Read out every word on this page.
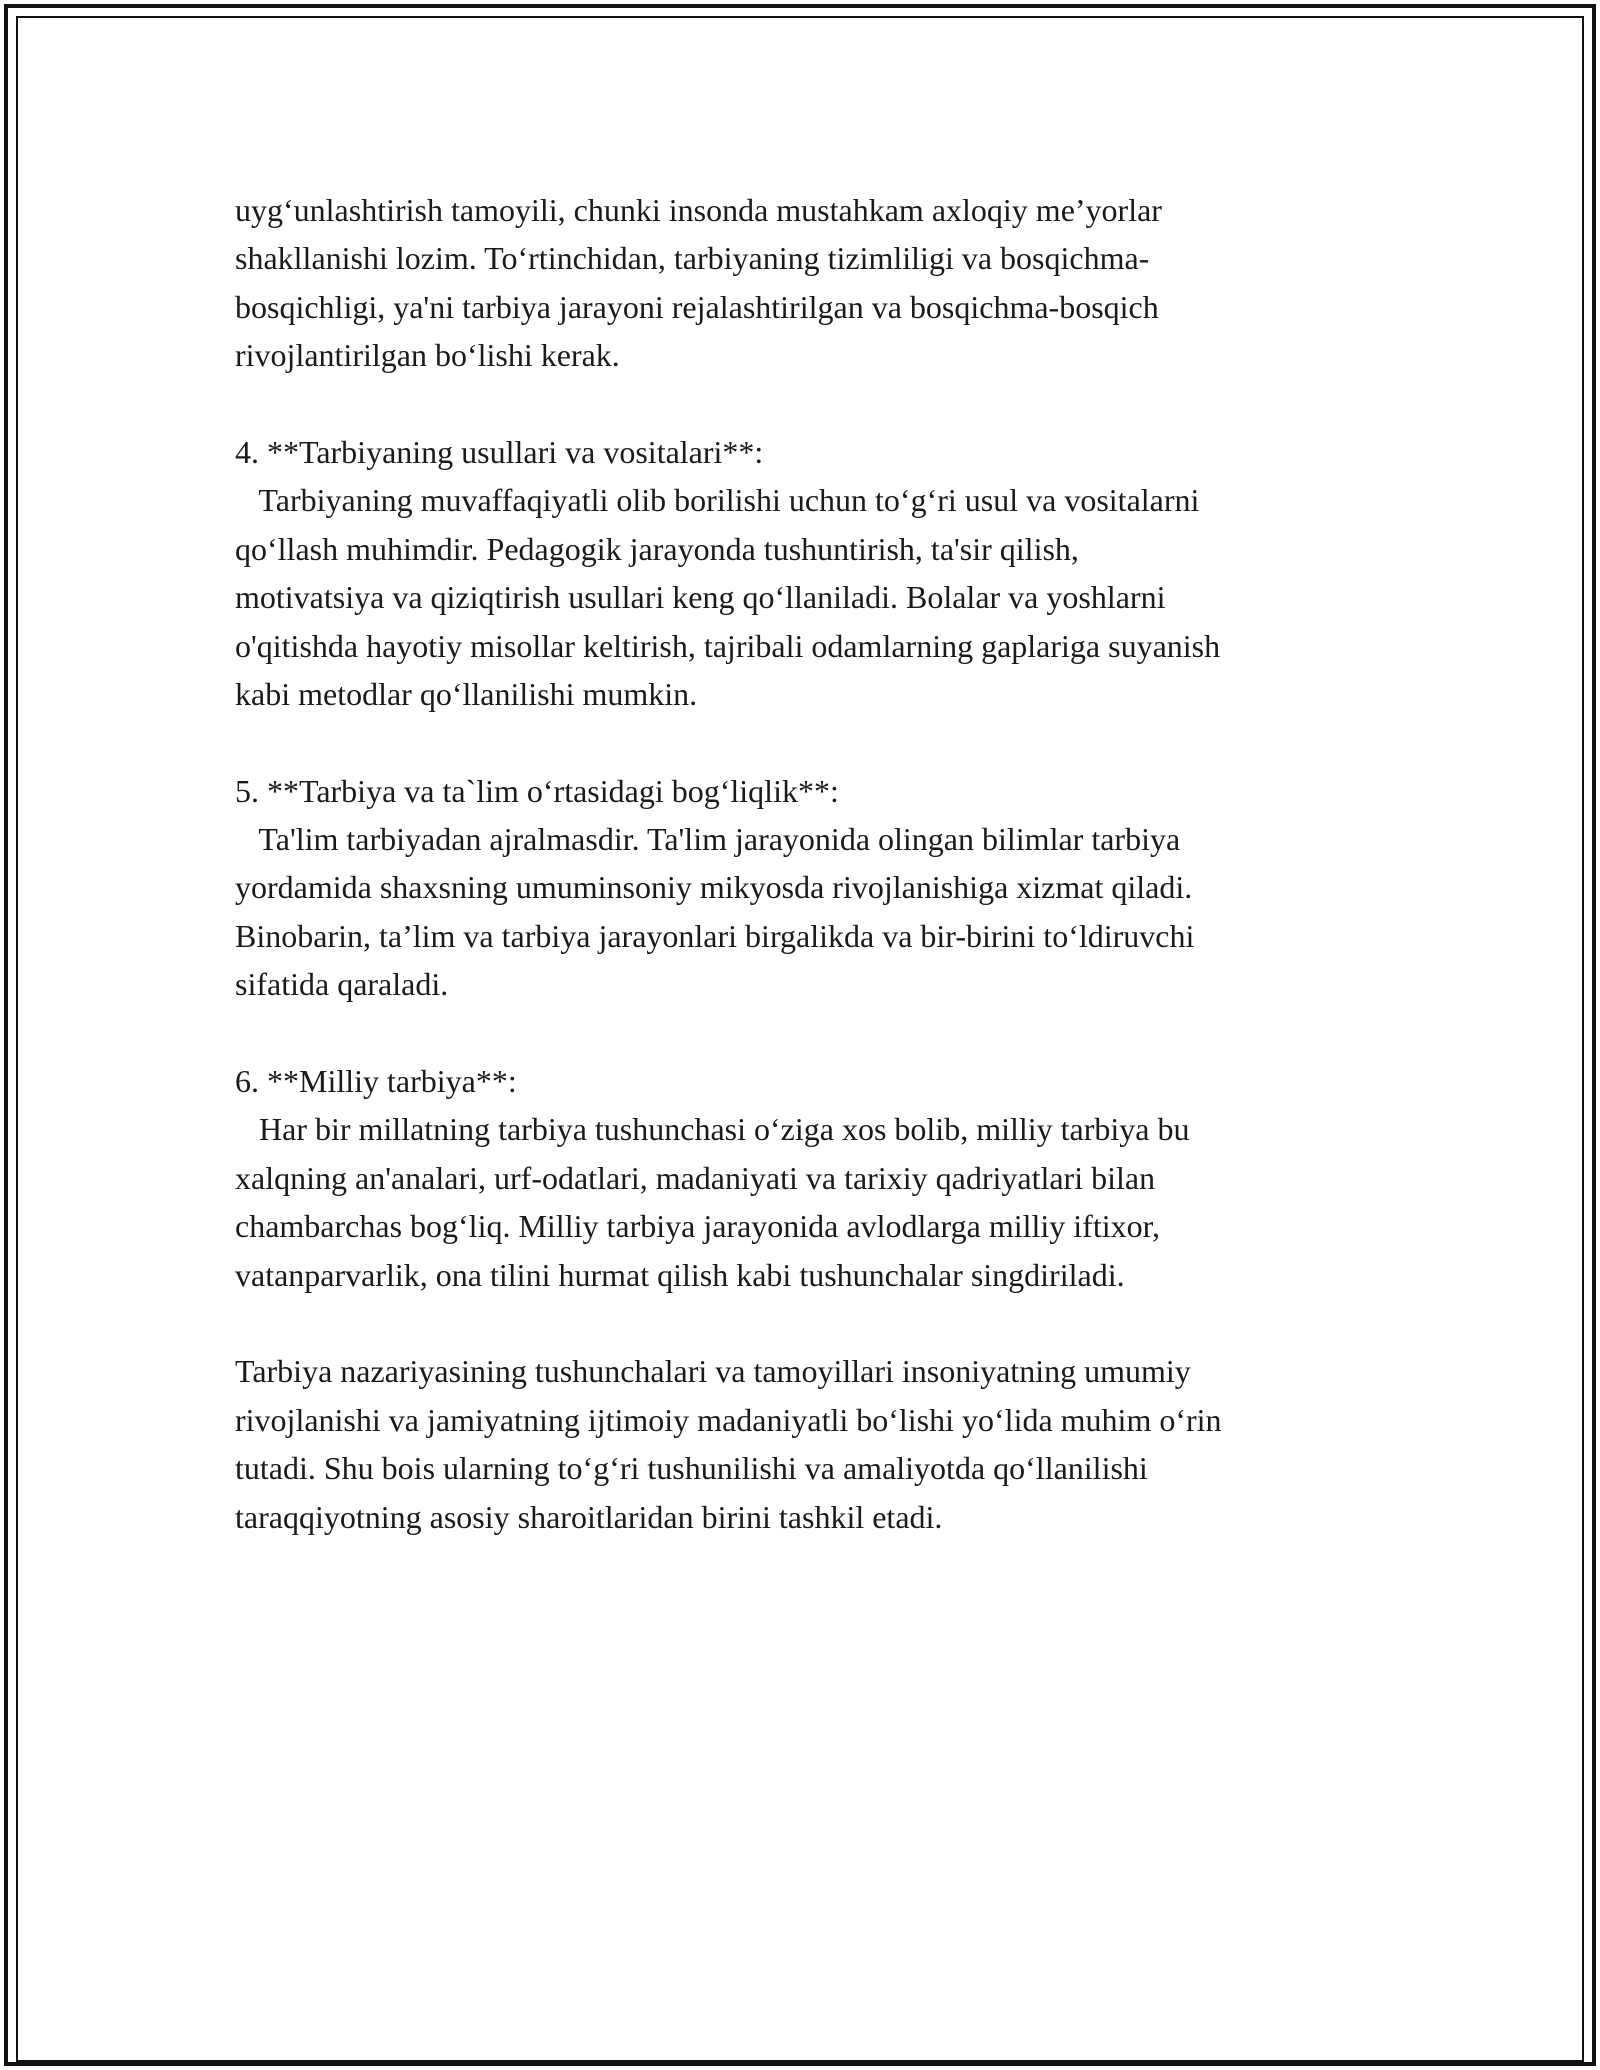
uyg‘unlashtirish tamoyili, chunki insonda mustahkam axloqiy me’yorlar
shakllanishi lozim. To‘rtinchidan, tarbiyaning tizimliligi va bosqichma-
bosqichligi, ya'ni tarbiya jarayoni rejalashtirilgan va bosqichma-bosqich
rivojlantirilgan bo‘lishi kerak.
4. **Tarbiyaning usullari va vositalari**:
Tarbiyaning muvaffaqiyatli olib borilishi uchun to‘g‘ri usul va vositalarni
qo‘llash muhimdir. Pedagogik jarayonda tushuntirish, ta'sir qilish,
motivatsiya va qiziqtirish usullari keng qo‘llaniladi. Bolalar va yoshlarni
o'qitishda hayotiy misollar keltirish, tajribali odamlarning gaplariga suyanish
kabi metodlar qo‘llanilishi mumkin.
5. **Tarbiya va ta`lim o‘rtasidagi bog‘liqlik**:
Ta'lim tarbiyadan ajralmasdir. Ta'lim jarayonida olingan bilimlar tarbiya
yordamida shaxsning umuminsoniy mikyosda rivojlanishiga xizmat qiladi.
Binobarin, ta’lim va tarbiya jarayonlari birgalikda va bir-birini to‘ldiruvchi
sifatida qaraladi.
6. **Milliy tarbiya**:
Har bir millatning tarbiya tushunchasi o‘ziga xos bolib, milliy tarbiya bu
xalqning an'analari, urf-odatlari, madaniyati va tarixiy qadriyatlari bilan
chambarchas bog‘liq. Milliy tarbiya jarayonida avlodlarga milliy iftixor,
vatanparvarlik, ona tilini hurmat qilish kabi tushunchalar singdiriladi.
Tarbiya nazariyasining tushunchalari va tamoyillari insoniyatning umumiy
rivojlanishi va jamiyatning ijtimoiy madaniyatli bo‘lishi yo‘lida muhim o‘rin
tutadi. Shu bois ularning to‘g‘ri tushunilishi va amaliyotda qo‘llanilishi
taraqqiyotning asosiy sharoitlaridan birini tashkil etadi.
